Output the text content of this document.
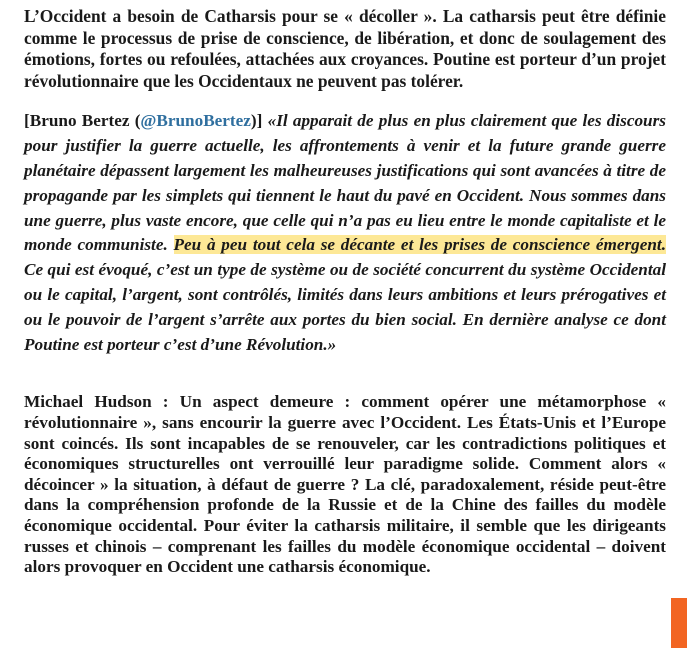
L’Occident a besoin de Catharsis pour se « décoller ». La catharsis peut être définie comme le processus de prise de conscience, de libération, et donc de soulagement des émotions, fortes ou refoulées, attachées aux croyances. Poutine est porteur d’un projet révolutionnaire que les Occidentaux ne peuvent pas tolérer.

[Bruno Bertez (@BrunoBertez)] «Il apparait de plus en plus clairement que les discours pour justifier la guerre actuelle, les affrontements à venir et la future grande guerre planétaire dépassent largement les malheureuses justifications qui sont avancées à titre de propagande par les simplets qui tiennent le haut du pavé en Occident. Nous sommes dans une guerre, plus vaste encore, que celle qui n’a pas eu lieu entre le monde capitaliste et le monde communiste. Peu à peu tout cela se décante et les prises de conscience émergent. Ce qui est évoqué, c’est un type de système ou de société concurrent du système Occidental ou le capital, l’argent, sont contrôlés, limités dans leurs ambitions et leurs prérogatives et ou le pouvoir de l’argent s’arrête aux portes du bien social. En dernière analyse ce dont Poutine est porteur c’est d’une Révolution.»

Michael Hudson : Un aspect demeure : comment opérer une métamorphose « révolutionnaire », sans encourir la guerre avec l’Occident. Les États-Unis et l’Europe sont coincés. Ils sont incapables de se renouveler, car les contradictions politiques et économiques structurelles ont verrouillé leur paradigme solide. Comment alors « décoincer » la situation, à défaut de guerre ? La clé, paradoxalement, réside peut-être dans la compréhension profonde de la Russie et de la Chine des failles du modèle économique occidental. Pour éviter la catharsis militaire, il semble que les dirigeants russes et chinois – comprenant les failles du modèle économique occidental – doivent alors provoquer en Occident une catharsis économique.
